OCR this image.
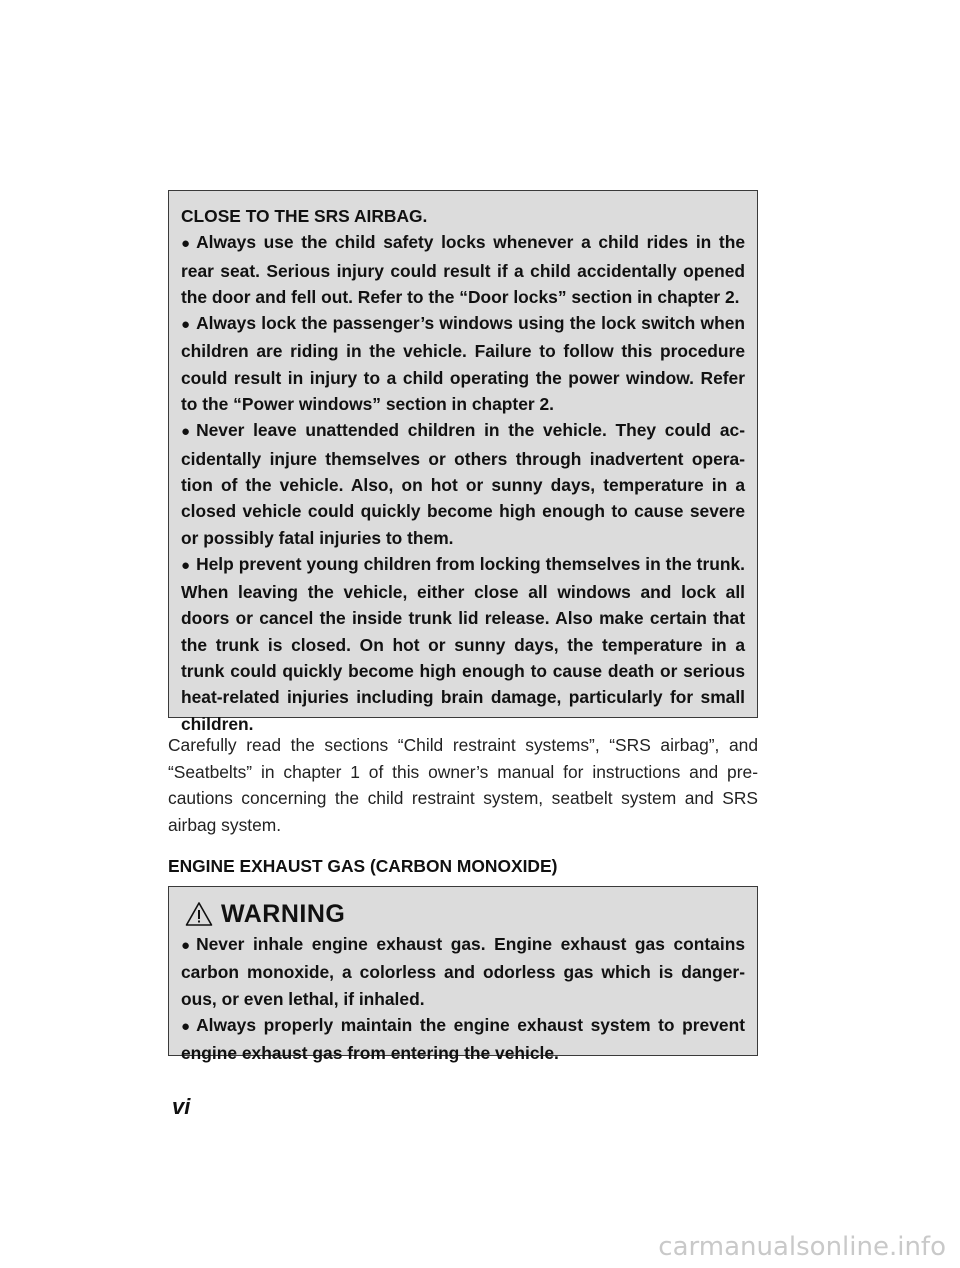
CLOSE TO THE SRS AIRBAG.

● Always use the child safety locks whenever a child rides in the rear seat. Serious injury could result if a child accidentally opened the door and fell out. Refer to the “Door locks” section in chapter 2.

● Always lock the passenger’s windows using the lock switch when children are riding in the vehicle. Failure to follow this procedure could result in injury to a child operating the power window. Refer to the “Power windows” section in chapter 2.

● Never leave unattended children in the vehicle. They could accidentally injure themselves or others through inadvertent operation of the vehicle. Also, on hot or sunny days, temperature in a closed vehicle could quickly become high enough to cause severe or possibly fatal injuries to them.

● Help prevent young children from locking themselves in the trunk. When leaving the vehicle, either close all windows and lock all doors or cancel the inside trunk lid release. Also make certain that the trunk is closed. On hot or sunny days, the temperature in a trunk could quickly become high enough to cause death or serious heat-related injuries including brain damage, particularly for small children.

Carefully read the sections “Child restraint systems”, “SRS airbag”, and “Seatbelts” in chapter 1 of this owner’s manual for instructions and precautions concerning the child restraint system, seatbelt system and SRS airbag system.

ENGINE EXHAUST GAS (CARBON MONOXIDE)

WARNING

● Never inhale engine exhaust gas. Engine exhaust gas contains carbon monoxide, a colorless and odorless gas which is dangerous, or even lethal, if inhaled.

● Always properly maintain the engine exhaust system to prevent engine exhaust gas from entering the vehicle.

vi

carmanualsonline.info
